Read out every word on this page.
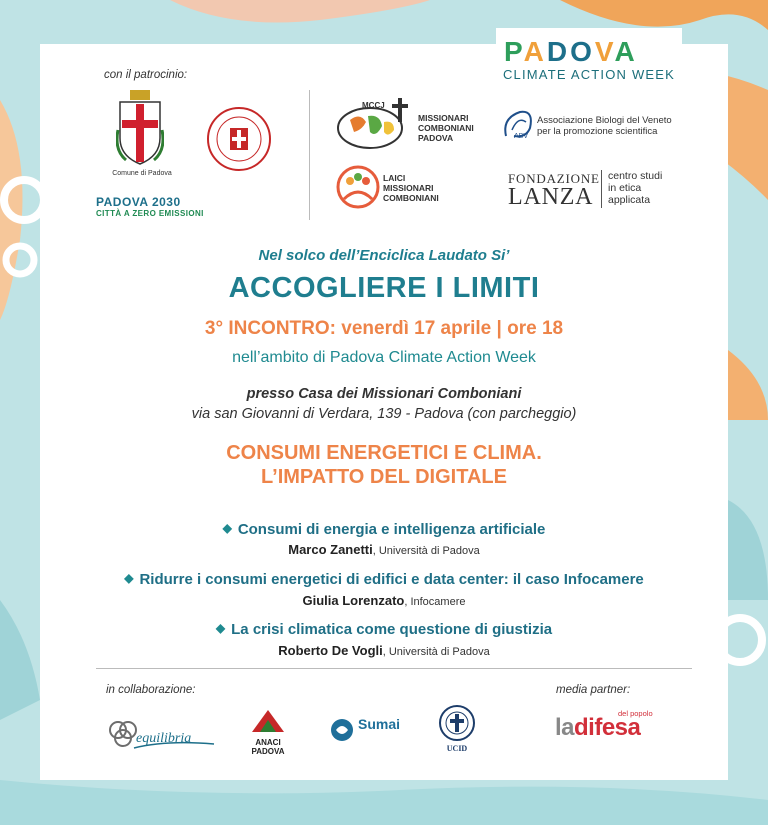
PADOVA
CLIMATE ACTION WEEK
con il patrocinio:
Comune di Padova
PADOVA 2030
CITTÀ A ZERO EMISSIONI
MCCJ
MISSIONARI
COMBONIANI
PADOVA
LAICI
MISSIONARI
COMBONIANI
ABV
Associazione Biologi del Veneto
per la promozione scientifica
FONDAZIONE
LANZA
centro studi
in etica
applicata
Nel solco dell’Enciclica Laudato Si’
ACCOGLIERE I LIMITI
3° INCONTRO: venerdì 17 aprile | ore 18
nell’ambito di Padova Climate Action Week
presso Casa dei Missionari Comboniani
via san Giovanni di Verdara, 139 - Padova (con parcheggio)
CONSUMI ENERGETICI E CLIMA.
L’IMPATTO DEL DIGITALE
◆ Consumi di energia e intelligenza artificiale
Marco Zanetti, Università di Padova
◆ Ridurre i consumi energetici di edifici e data center: il caso Infocamere
Giulia Lorenzato, Infocamere
◆ La crisi climatica come questione di giustizia
Roberto De Vogli, Università di Padova
in collaborazione:	media partner:
equilibria	ANACI
PADOVA
Sumai
UCID
ladifesa
del popolo
